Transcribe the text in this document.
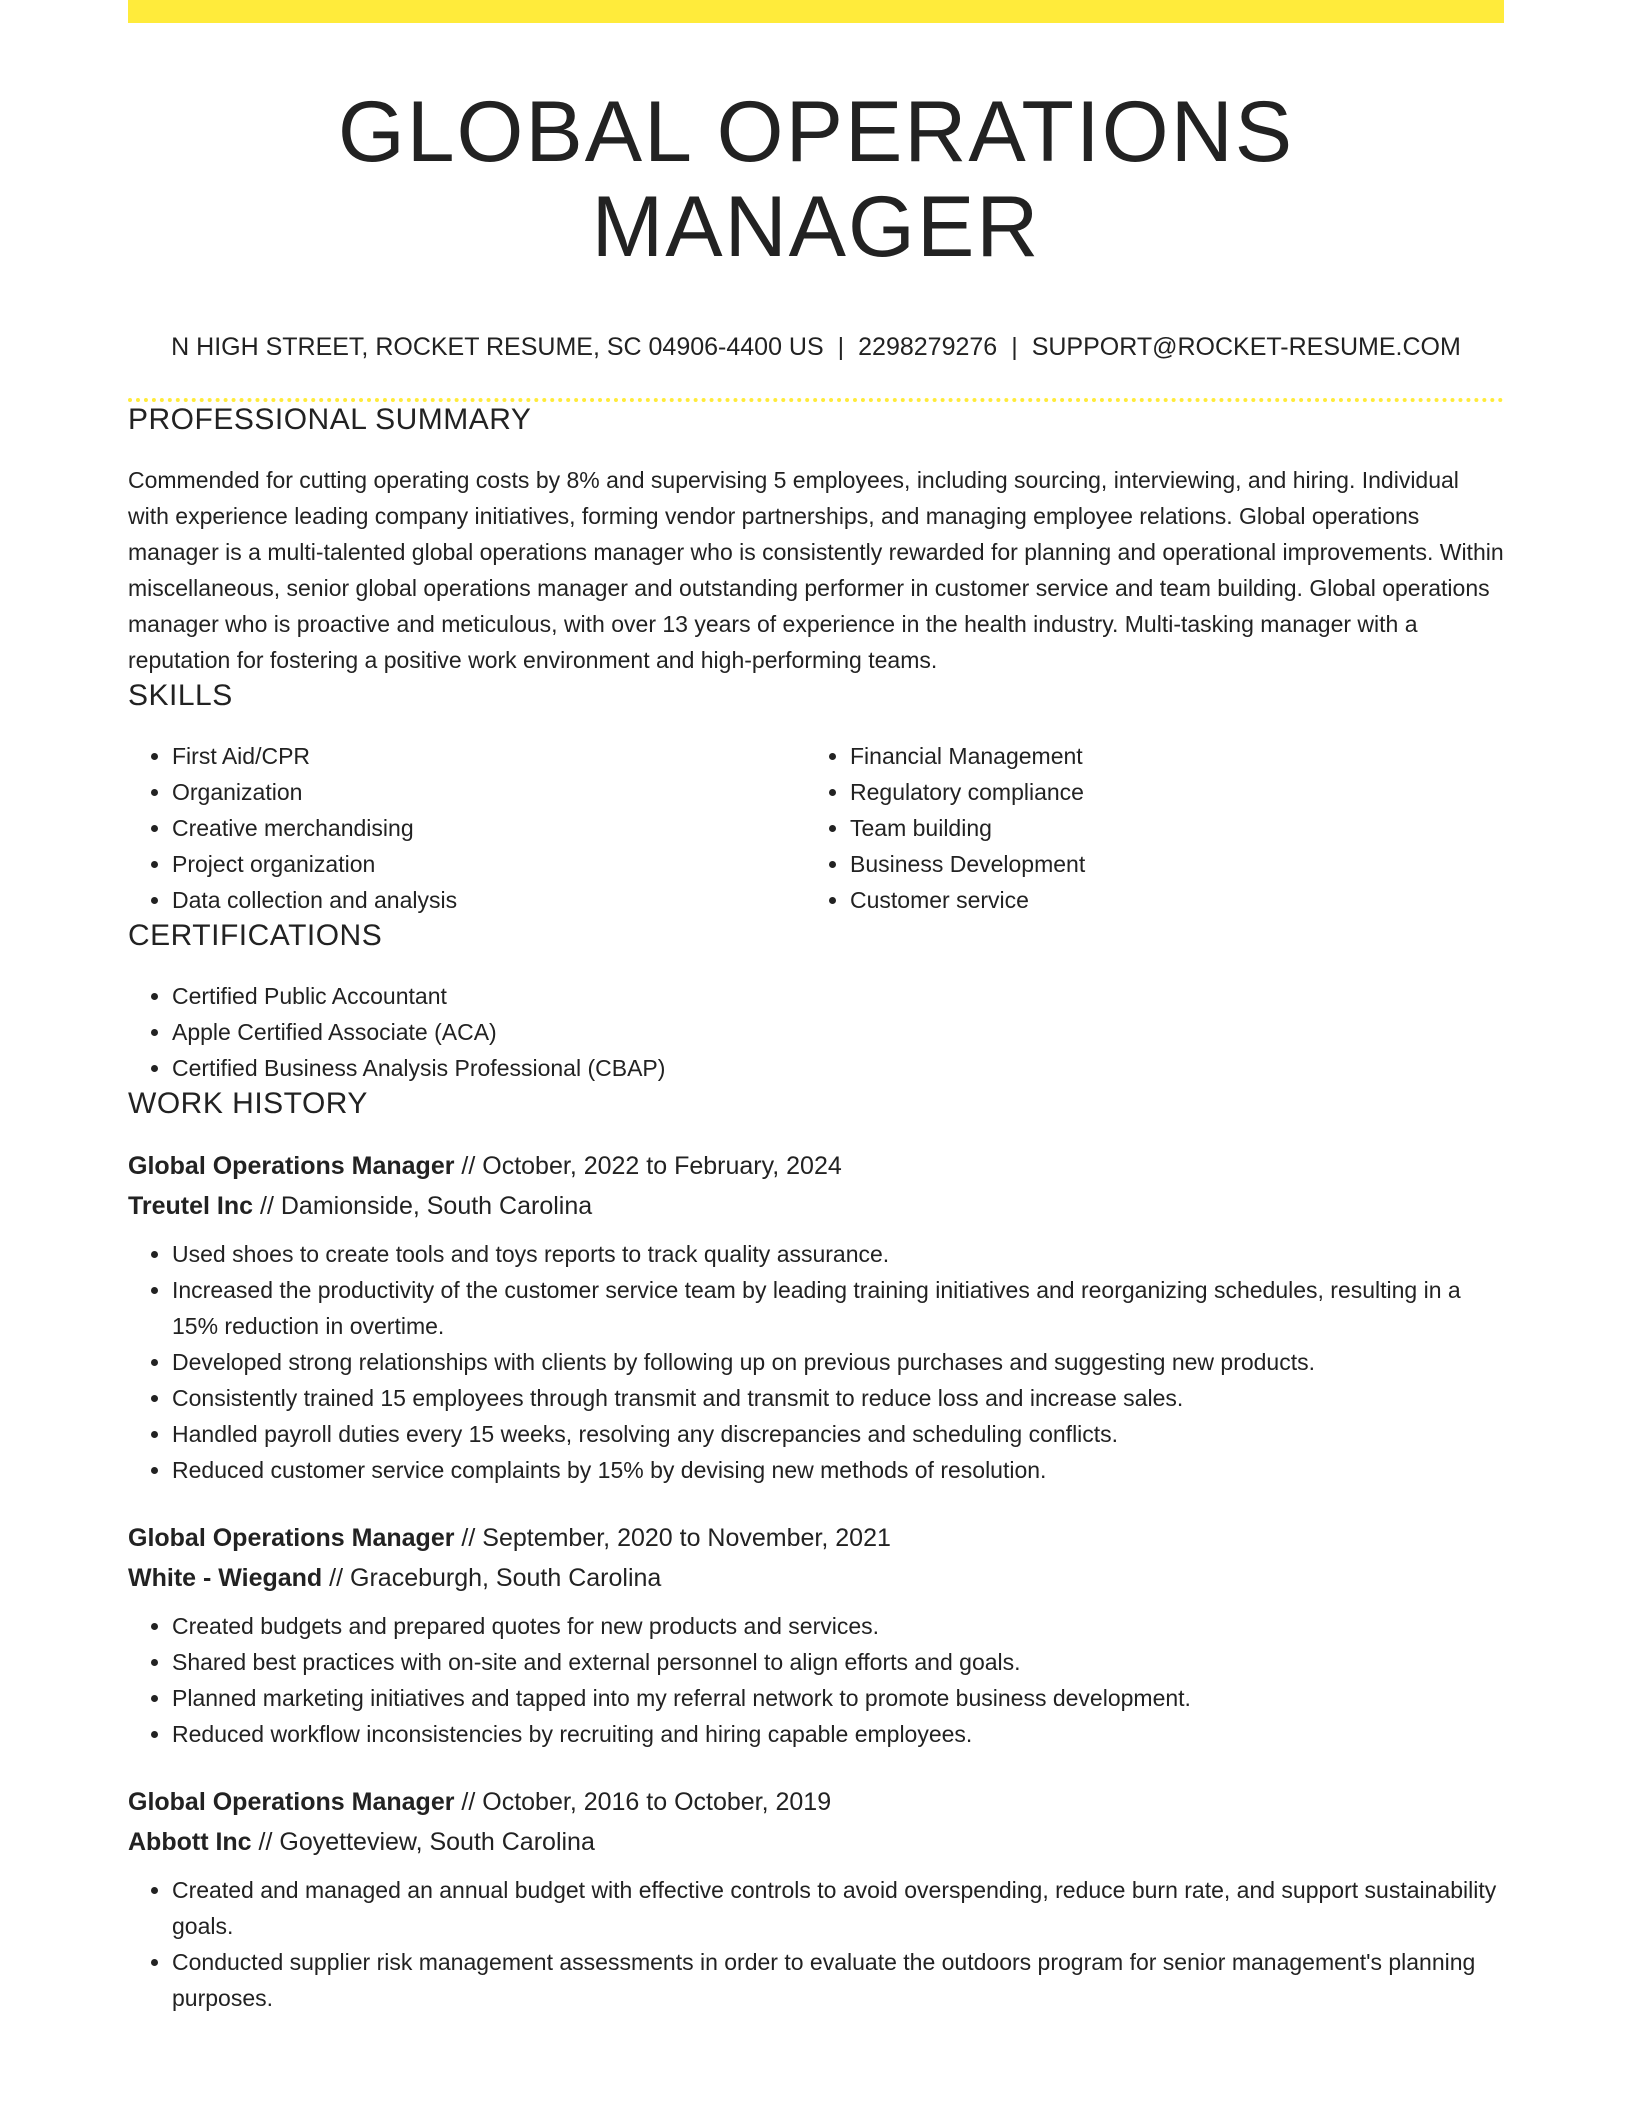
GLOBAL OPERATIONS MANAGER
N HIGH STREET, ROCKET RESUME, SC 04906-4400 US | 2298279276 | SUPPORT@ROCKET-RESUME.COM
PROFESSIONAL SUMMARY

Commended for cutting operating costs by 8% and supervising 5 employees, including sourcing, interviewing, and hiring. Individual with experience leading company initiatives, forming vendor partnerships, and managing employee relations. Global operations manager is a multi-talented global operations manager who is consistently rewarded for planning and operational improvements. Within miscellaneous, senior global operations manager and outstanding performer in customer service and team building. Global operations manager who is proactive and meticulous, with over 13 years of experience in the health industry. Multi-tasking manager with a reputation for fostering a positive work environment and high-performing teams.

SKILLS
• First Aid/CPR
• Organization
• Creative merchandising
• Project organization
• Data collection and analysis
• Financial Management
• Regulatory compliance
• Team building
• Business Development
• Customer service
CERTIFICATIONS
• Certified Public Accountant
• Apple Certified Associate (ACA)
• Certified Business Analysis Professional (CBAP)
WORK HISTORY
Global Operations Manager // October, 2022 to February, 2024
Treutel Inc // Damionside, South Carolina
• Used shoes to create tools and toys reports to track quality assurance.
• Increased the productivity of the customer service team by leading training initiatives and reorganizing schedules, resulting in a 15% reduction in overtime.
• Developed strong relationships with clients by following up on previous purchases and suggesting new products.
• Consistently trained 15 employees through transmit and transmit to reduce loss and increase sales.
• Handled payroll duties every 15 weeks, resolving any discrepancies and scheduling conflicts.
• Reduced customer service complaints by 15% by devising new methods of resolution.
Global Operations Manager // September, 2020 to November, 2021
White - Wiegand // Graceburgh, South Carolina
• Created budgets and prepared quotes for new products and services.
• Shared best practices with on-site and external personnel to align efforts and goals.
• Planned marketing initiatives and tapped into my referral network to promote business development.
• Reduced workflow inconsistencies by recruiting and hiring capable employees.
Global Operations Manager // October, 2016 to October, 2019
Abbott Inc // Goyetteview, South Carolina
• Created and managed an annual budget with effective controls to avoid overspending, reduce burn rate, and support sustainability goals.
• Conducted supplier risk management assessments in order to evaluate the outdoors program for senior management's planning purposes.
